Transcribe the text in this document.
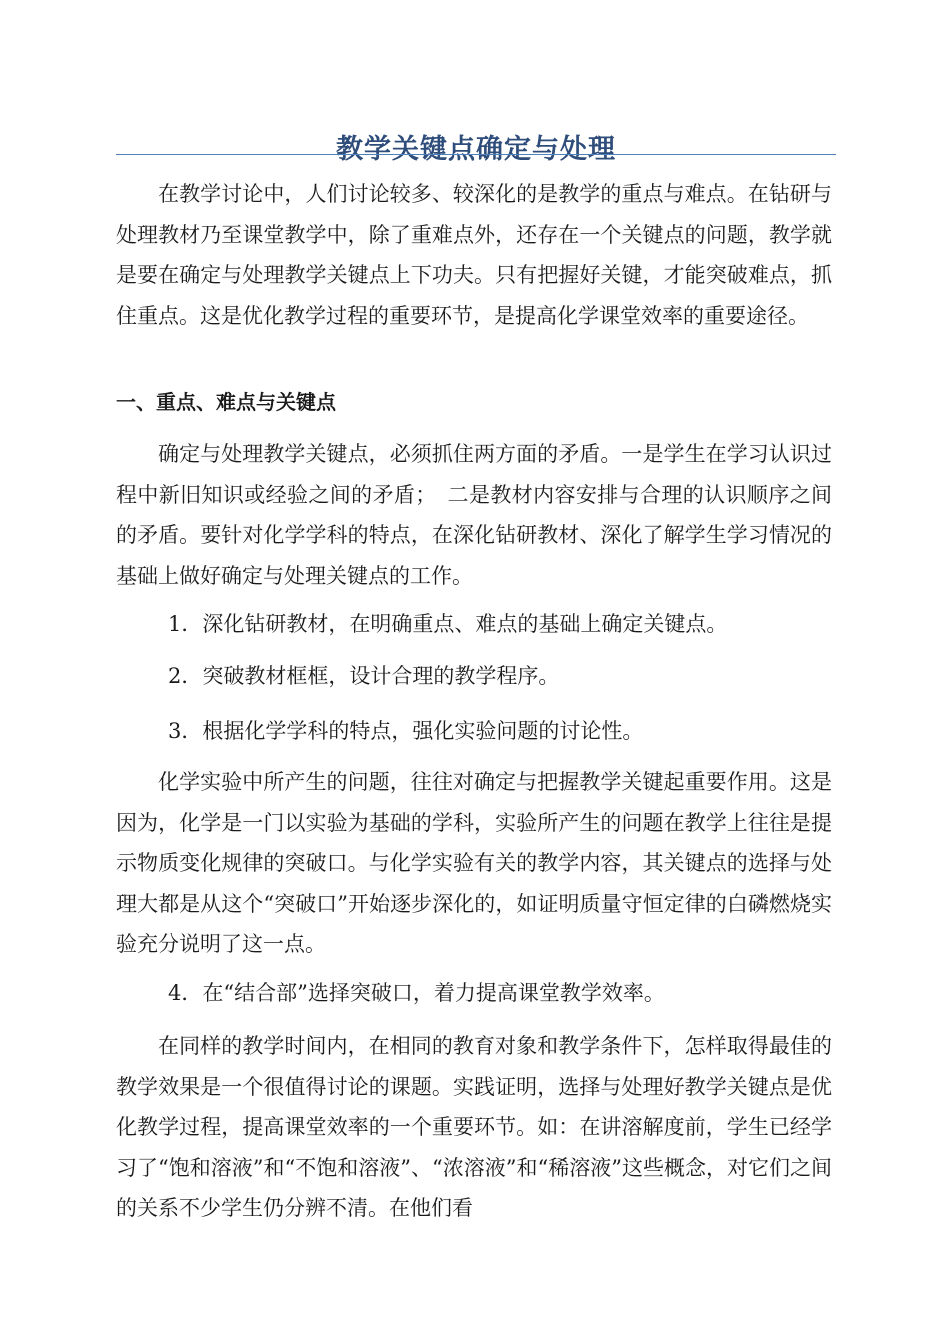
教学关键点确定与处理

在教学讨论中，人们讨论较多、较深化的是教学的重点与难点。在钻研与处理教材乃至课堂教学中，除了重难点外，还存在一个关键点的问题，教学就是要在确定与处理教学关键点上下功夫。只有把握好关键，才能突破难点，抓住重点。这是优化教学过程的重要环节，是提高化学课堂效率的重要途径。

一、重点、难点与关键点

确定与处理教学关键点，必须抓住两方面的矛盾。一是学生在学习认识过程中新旧知识或经验之间的矛盾；　二是教材内容安排与合理的认识顺序之间的矛盾。要针对化学学科的特点，在深化钻研教材、深化了解学生学习情况的基础上做好确定与处理关键点的工作。

1．深化钻研教材，在明确重点、难点的基础上确定关键点。

2．突破教材框框，设计合理的教学程序。

3．根据化学学科的特点，强化实验问题的讨论性。

化学实验中所产生的问题，往往对确定与把握教学关键起重要作用。这是因为，化学是一门以实验为基础的学科，实验所产生的问题在教学上往往是提示物质变化规律的突破口。与化学实验有关的教学内容，其关键点的选择与处理大都是从这个“突破口”开始逐步深化的，如证明质量守恒定律的白磷燃烧实验充分说明了这一点。

4．在“结合部”选择突破口，着力提高课堂教学效率。

在同样的教学时间内，在相同的教育对象和教学条件下，怎样取得最佳的教学效果是一个很值得讨论的课题。实践证明，选择与处理好教学关键点是优化教学过程，提高课堂效率的一个重要环节。如：在讲溶解度前，学生已经学习了“饱和溶液”和“不饱和溶液”、“浓溶液”和“稀溶液”这些概念，对它们之间的关系不少学生仍分辨不清。在他们看
